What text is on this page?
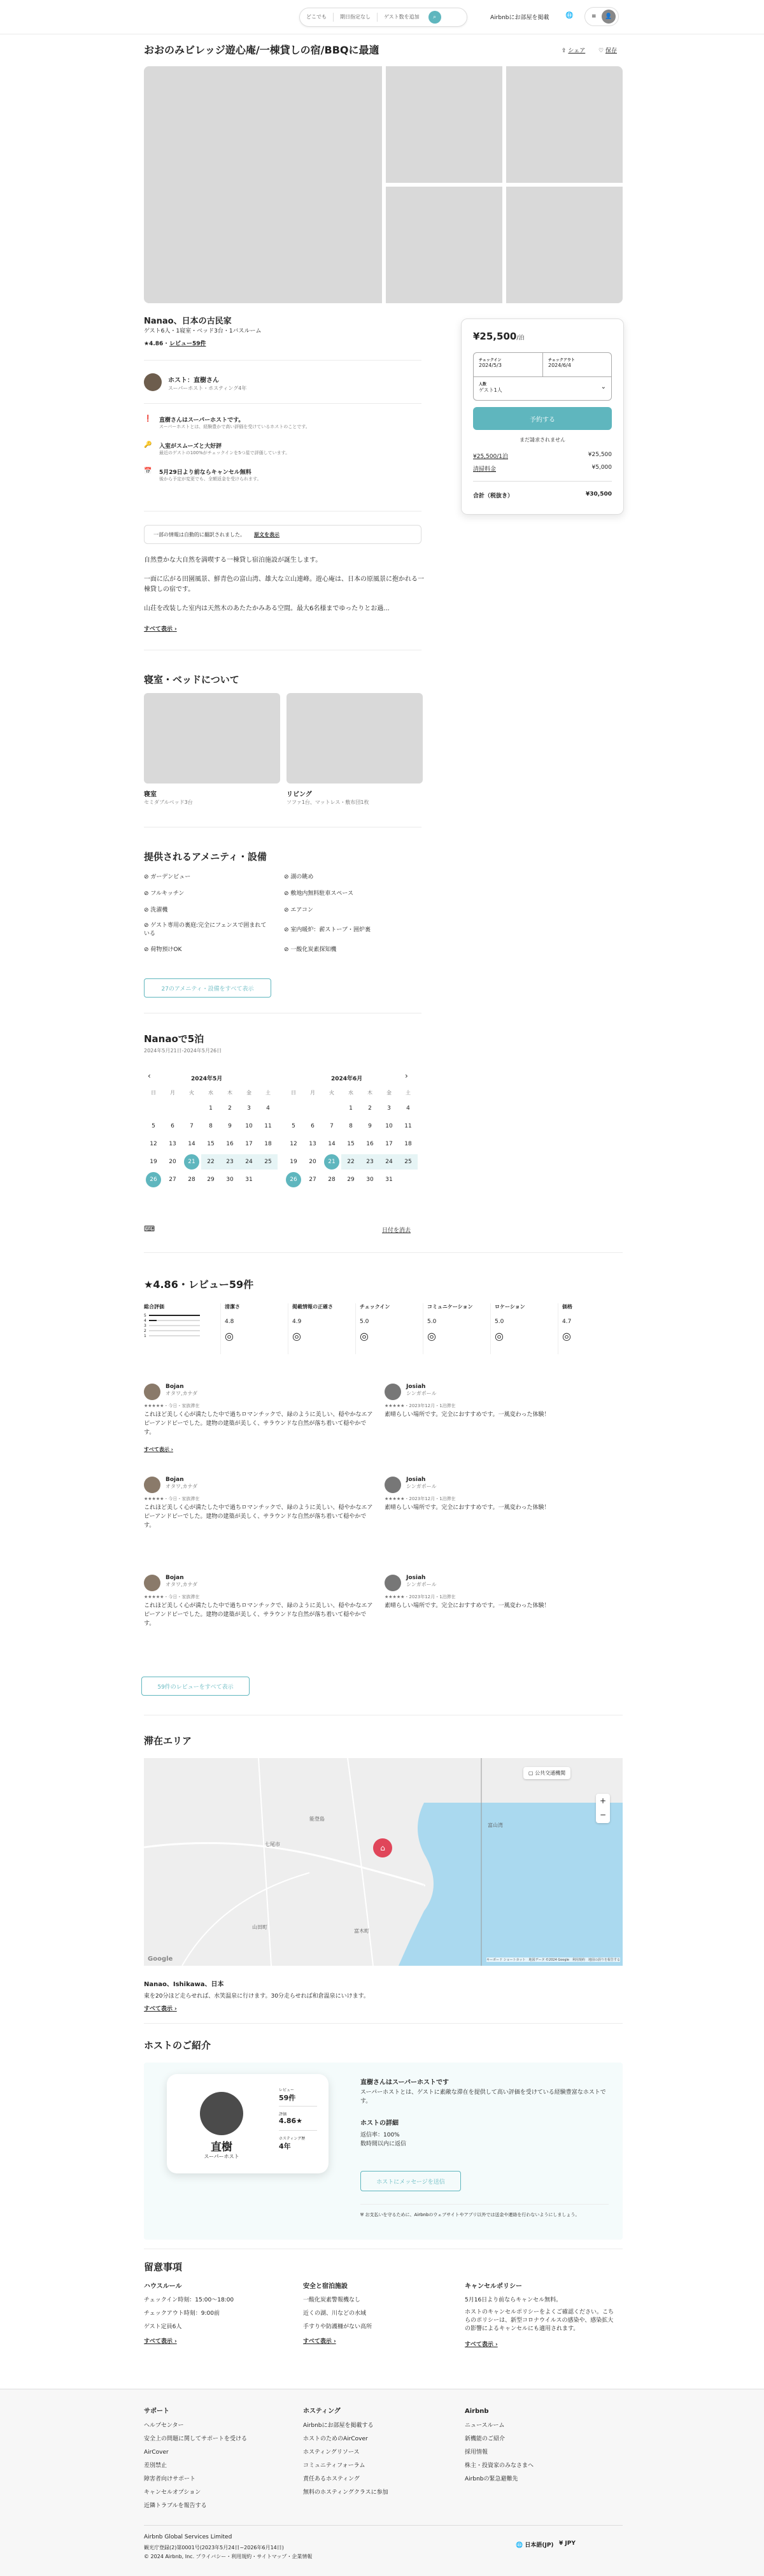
どこでも	期日指定なし	ゲスト数を追加	⌕	Airbnbにお部屋を掲載	🌐	≡	👤
おおのみビレッジ遊心庵/一棟貸しの宿/BBQに最適	⇪ シェア ♡ 保存
Nanao、日本の古民家
ゲスト6人・1寝室・ベッド3台・1バスルーム
★4.86 · レビュー59件
ホスト：直樹さん
スーパーホスト・ホスティング4年
❗ 直樹さんはスーパーホストです。
スーパーホストとは、経験豊かで高い評価を受けているホストのことです。
🔑 入室がスムーズと大好評
最近のゲストの100%がチェックインを5つ星で評価しています。
📅 5月29日より前ならキャンセル無料
後から予定が変更でも、全額返金を受けられます。
一部の情報は自動的に翻訳されました。 原文を表示

自然豊かな大自然を満喫する一棟貸し宿泊施設が誕生します。

一面に広がる田園風景、鮮青色の富山湾、雄大な立山連峰。遊心庵は、日本の原風景に抱かれる一棟貸しの宿です。

山荘を改装した室内は天然木のあたたかみある空間。最大6名様までゆったりとお過...

すべて表示 ›
寝室・ベッドについて
寝室
セミダブルベッド3台
リビング
ソファ1台、マットレス・敷布団1枚
提供されるアメニティ・設備
⊘ ガーデンビュー	⊘ 湖の眺め
⊘ フルキッチン	⊘ 敷地内無料駐車スペース
⊘ 洗濯機	⊘ エアコン
⊘ ゲスト専用の裏庭:完全にフェンスで囲まれている
⊘ 室内暖炉：薪ストーブ・囲炉裏
⊘ 荷物預けOK	⊘ 一酸化炭素探知機
27のアメニティ・設備をすべて表示
Nanaoで5泊
2024年5月21日-2024年5月26日
‹	›
2024年5月	2024年6月
日	月	火	水	木	金	土
			1	2	3	4
5	6	7	8	9	10	11
12	13	14	15	16	17	18
19	20	21	22	23	24	25
26	27	28	29	30	31	
日	月	火	水	木	金	土
			1	2	3	4
5	6	7	8	9	10	11
12	13	14	15	16	17	18
19	20	21	22	23	24	25
26	27	28	29	30	31	
⌨	日付を消去
¥25,500/泊
チェックイン
2024/5/3
チェックアウト
2024/6/4
人数
ゲスト1人	⌄
予約する
まだ請求されません
¥25,500/1泊	¥25,500
清掃料金	¥5,000
合計（税抜き）	¥30,500
★4.86・レビュー59件
総合評価
5
4
3
2
1
清潔さ
4.8
◎
掲載情報の正確さ
4.9
◎
チェックイン
5.0
◎
コミュニケーション
5.0
◎
ロケーション
5.0
◎
価格
4.7
◎
Bojan
オタワ,カナダ
★★★★★・今日・家族滞在
これほど美しく心が満たした中で過ちロマンチックで、緑のように美しい、穏やかなエアピーアンドビーでした。建物の建築が美しく、サラウンドな自然が落ち着いて穏やかです。
すべて表示 ›
Josiah
シンガポール
★★★★★・2023年12月・1泊滞在
素晴らしい場所です。完全におすすめです。一風変わった体験！
Bojan
オタワ,カナダ
★★★★★・今日・家族滞在
これほど美しく心が満たした中で過ちロマンチックで、緑のように美しい、穏やかなエアピーアンドビーでした。建物の建築が美しく、サラウンドな自然が落ち着いて穏やかです。
Josiah
シンガポール
★★★★★・2023年12月・1泊滞在
素晴らしい場所です。完全におすすめです。一風変わった体験！
Bojan
オタワ,カナダ
★★★★★・今日・家族滞在
これほど美しく心が満たした中で過ちロマンチックで、緑のように美しい、穏やかなエアピーアンドビーでした。建物の建築が美しく、サラウンドな自然が落ち着いて穏やかです。
Josiah
シンガポール
★★★★★・2023年12月・1泊滞在
素晴らしい場所です。完全におすすめです。一風変わった体験！
59件のレビューをすべて表示
滞在エリア
▢ 公共交通機関
+
−
⌂
富山湾
能登島
七尾市
山田町
富木町
Google	キーボード ショートカット　地図データ ©2024 Google　利用規約　地図の誤りを報告する
Nanao、Ishikawa、日本
東を20分ほど走らせれば、水笑温泉に行けます。30分走らせれば和倉温泉にいけます。
すべて表示 ›
ホストのご紹介
直樹
スーパーホスト
レビュー
59件
評価
4.86★
ホスティング歴
4年
直樹さんはスーパーホストです
スーパーホストとは、ゲストに素敵な滞在を提供して高い評価を受けている経験豊富なホストです。
ホストの詳細
返信率：100%
数時間以内に返信
ホストにメッセージを送信
⛨ お支払いを守るために、Airbnbのウェブサイトやアプリ以外では送金や連絡を行わないようにしましょう。
留意事項
ハウスルール
チェックイン時刻：15:00～18:00
チェックアウト時刻：9:00前
ゲスト定員6人
すべて表示 ›
安全と宿泊施設
一酸化炭素警報機なし
近くの湖、川などの水域
手すりや防護柵がない高所
すべて表示 ›
キャンセルポリシー
5月16日より前ならキャンセル無料。
ホストのキャンセルポリシーをよくご確認ください。こちらのポリシーは、新型コロナウイルスの感染や、感染拡大の影響によるキャンセルにも適用されます。
すべて表示 ›
サポート
ヘルプセンター
安全上の問題に関してサポートを受ける
AirCover
差別禁止
障害者向けサポート
キャンセルオプション
近隣トラブルを報告する
ホスティング
Airbnbにお部屋を掲載する
ホストのためのAirCover
ホスティングリソース
コミュニティフォーラム
責任あるホスティング
無料のホスティングクラスに参加
Airbnb
ニュースルーム
新機能のご紹介
採用情報
株主・投資家のみなさまへ
Airbnbの緊急避難先
Airbnb Global Services Limited
観光庁登録(2)第0001号(2023年5月24日~2026年6月14日)
© 2024 Airbnb, Inc. プライバシー・利用規約・サイトマップ・企業情報
🌐 日本語(JP) ¥ JPY
